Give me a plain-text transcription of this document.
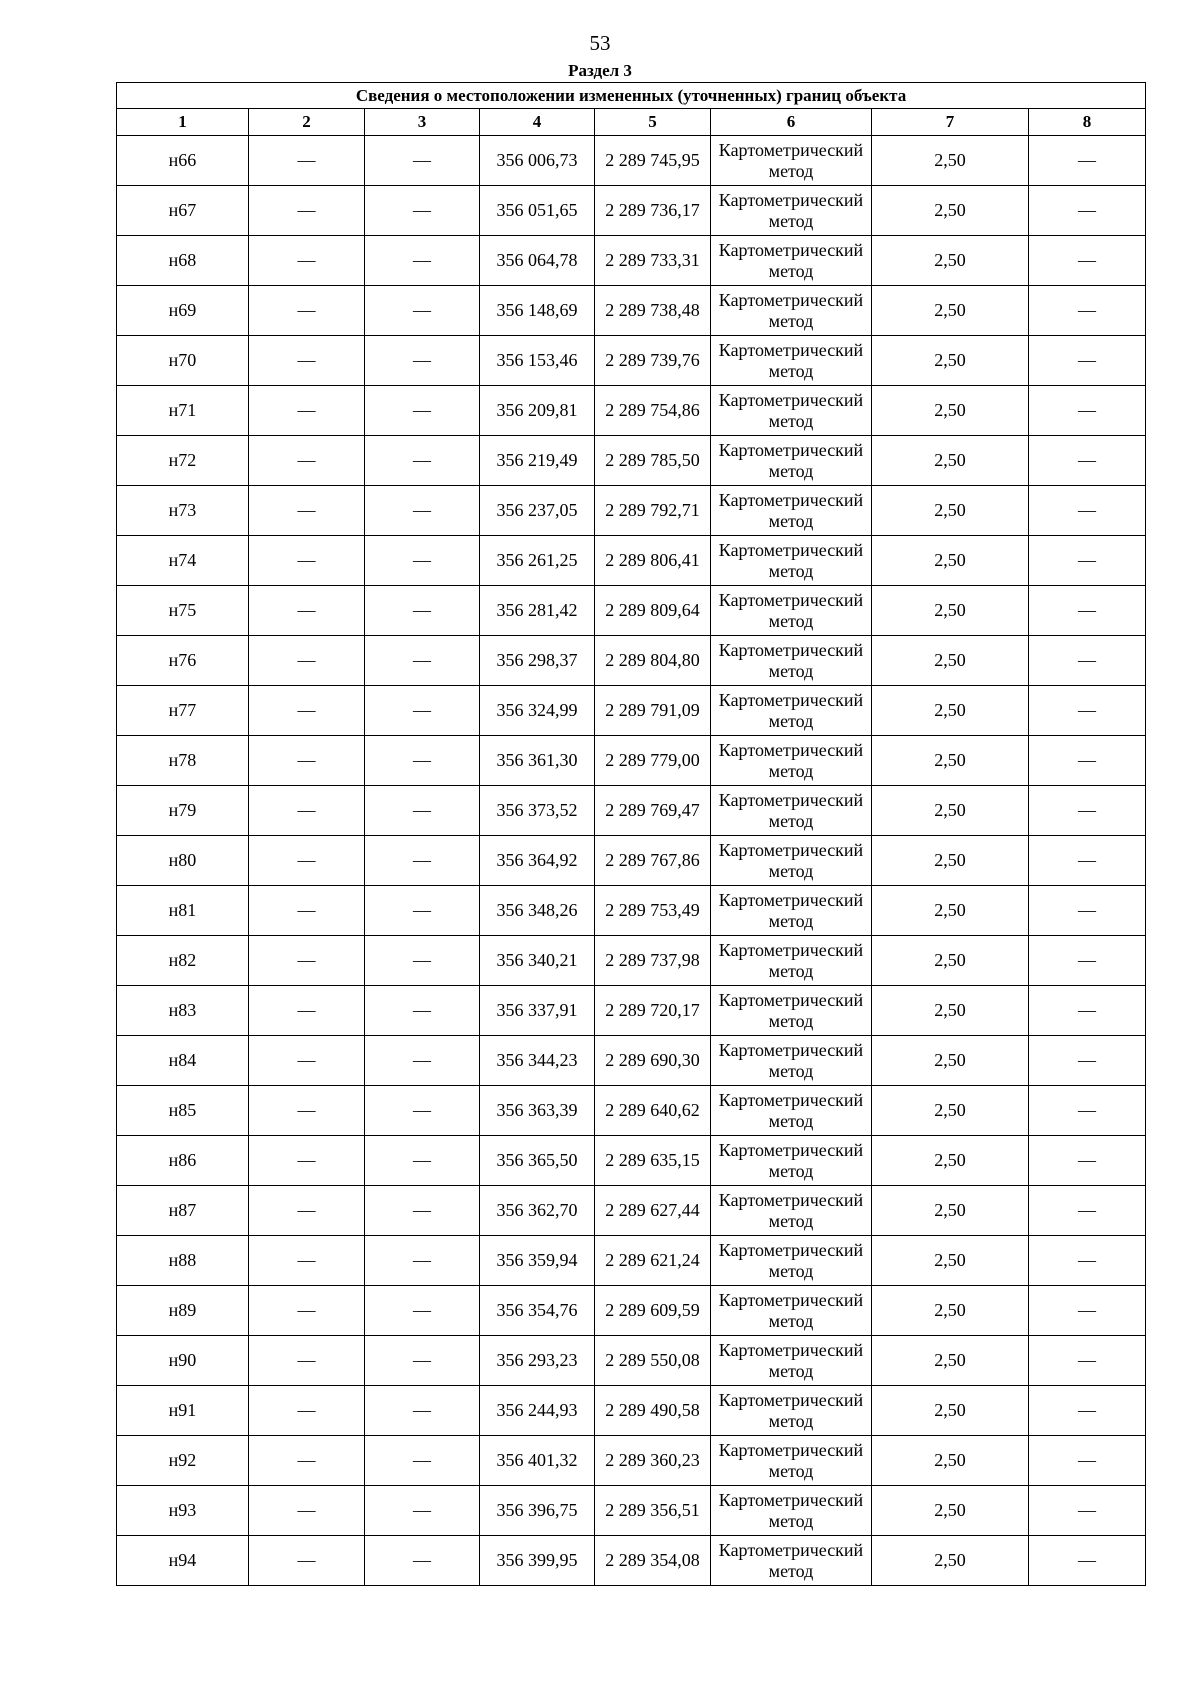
53
Раздел 3
Сведения о местоположении измененных (уточненных) границ объекта							
1	2	3	4	5	6	7	8
н66	—	—	356 006,73	2 289 745,95	Картометрический метод	2,50	—
н67	—	—	356 051,65	2 289 736,17	Картометрический метод	2,50	—
н68	—	—	356 064,78	2 289 733,31	Картометрический метод	2,50	—
н69	—	—	356 148,69	2 289 738,48	Картометрический метод	2,50	—
н70	—	—	356 153,46	2 289 739,76	Картометрический метод	2,50	—
н71	—	—	356 209,81	2 289 754,86	Картометрический метод	2,50	—
н72	—	—	356 219,49	2 289 785,50	Картометрический метод	2,50	—
н73	—	—	356 237,05	2 289 792,71	Картометрический метод	2,50	—
н74	—	—	356 261,25	2 289 806,41	Картометрический метод	2,50	—
н75	—	—	356 281,42	2 289 809,64	Картометрический метод	2,50	—
н76	—	—	356 298,37	2 289 804,80	Картометрический метод	2,50	—
н77	—	—	356 324,99	2 289 791,09	Картометрический метод	2,50	—
н78	—	—	356 361,30	2 289 779,00	Картометрический метод	2,50	—
н79	—	—	356 373,52	2 289 769,47	Картометрический метод	2,50	—
н80	—	—	356 364,92	2 289 767,86	Картометрический метод	2,50	—
н81	—	—	356 348,26	2 289 753,49	Картометрический метод	2,50	—
н82	—	—	356 340,21	2 289 737,98	Картометрический метод	2,50	—
н83	—	—	356 337,91	2 289 720,17	Картометрический метод	2,50	—
н84	—	—	356 344,23	2 289 690,30	Картометрический метод	2,50	—
н85	—	—	356 363,39	2 289 640,62	Картометрический метод	2,50	—
н86	—	—	356 365,50	2 289 635,15	Картометрический метод	2,50	—
н87	—	—	356 362,70	2 289 627,44	Картометрический метод	2,50	—
н88	—	—	356 359,94	2 289 621,24	Картометрический метод	2,50	—
н89	—	—	356 354,76	2 289 609,59	Картометрический метод	2,50	—
н90	—	—	356 293,23	2 289 550,08	Картометрический метод	2,50	—
н91	—	—	356 244,93	2 289 490,58	Картометрический метод	2,50	—
н92	—	—	356 401,32	2 289 360,23	Картометрический метод	2,50	—
н93	—	—	356 396,75	2 289 356,51	Картометрический метод	2,50	—
н94	—	—	356 399,95	2 289 354,08	Картометрический метод	2,50	—
